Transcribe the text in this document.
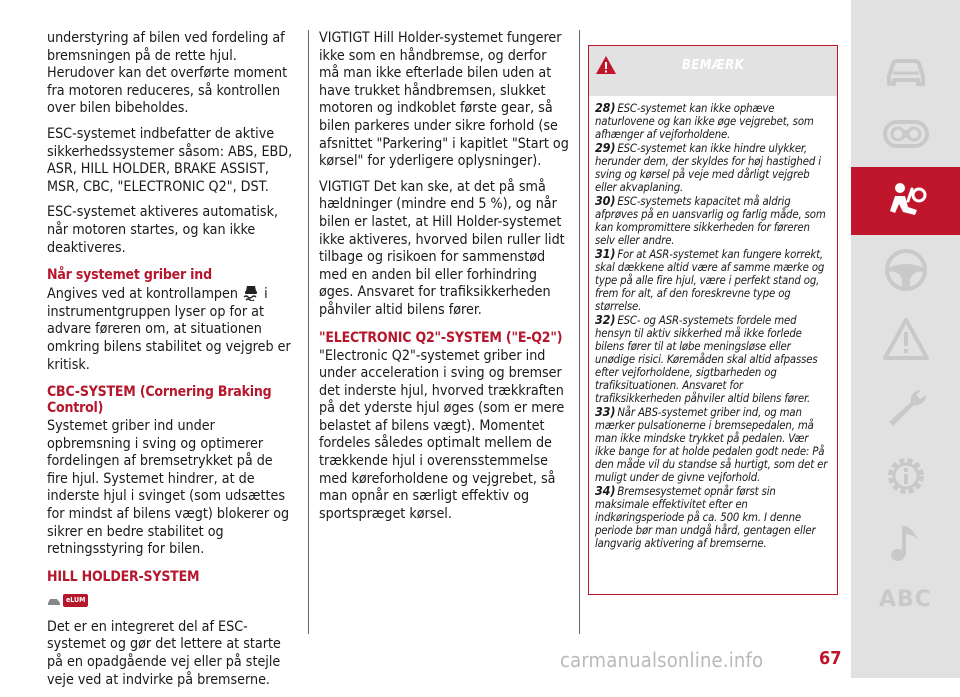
understyring af bilen ved fordeling af bremsningen på de rette hjul. Herudover kan det overførte moment fra motoren reduceres, så kontrollen over bilen bibeholdes.

ESC-systemet indbefatter de aktive sikkerhedssystemer såsom: ABS, EBD, ASR, HILL HOLDER, BRAKE ASSIST, MSR, CBC, "ELECTRONIC Q2", DST.

ESC-systemet aktiveres automatisk, når motoren startes, og kan ikke deaktiveres.

Når systemet griber ind

Angives ved at kontrollampen i instrumentgruppen lyser op for at advare føreren om, at situationen omkring bilens stabilitet og vejgreb er kritisk.

CBC-SYSTEM (Cornering Braking Control)

Systemet griber ind under opbremsning i sving og optimerer fordelingen af bremsetrykket på de fire hjul. Systemet hindrer, at de inderste hjul i svinget (som udsættes for mindst af bilens vægt) blokerer og sikrer en bedre stabilitet og retningsstyring for bilen.

HILL HOLDER-SYSTEM
eLUM

Det er en integreret del af ESC-systemet og gør det lettere at starte på en opadgående vej eller på stejle veje ved at indvirke på bremserne.

VIGTIGT Hill Holder-systemet fungerer ikke som en håndbremse, og derfor må man ikke efterlade bilen uden at have trukket håndbremsen, slukket motoren og indkoblet første gear, så bilen parkeres under sikre forhold (se afsnittet "Parkering" i kapitlet "Start og kørsel" for yderligere oplysninger).

VIGTIGT Det kan ske, at det på små hældninger (mindre end 5 %), og når bilen er lastet, at Hill Holder-systemet ikke aktiveres, hvorved bilen ruller lidt tilbage og risikoen for sammenstød med en anden bil eller forhindring øges. Ansvaret for trafiksikkerheden påhviler altid bilens fører.

"ELECTRONIC Q2"-SYSTEM ("E-Q2")

"Electronic Q2"-systemet griber ind under acceleration i sving og bremser det inderste hjul, hvorved trækkraften på det yderste hjul øges (som er mere belastet af bilens vægt). Momentet fordeles således optimalt mellem de trækkende hjul i overensstemmelse med køreforholdene og vejgrebet, så man opnår en særligt effektiv og sportspræget kørsel.

BEMÆRK

28) ESC-systemet kan ikke ophæve naturlovene og kan ikke øge vejgrebet, som afhænger af vejforholdene.

29) ESC-systemet kan ikke hindre ulykker, herunder dem, der skyldes for høj hastighed i sving og kørsel på veje med dårligt vejgreb eller akvaplaning.

30) ESC-systemets kapacitet må aldrig afprøves på en uansvarlig og farlig måde, som kan kompromittere sikkerheden for føreren selv eller andre.

31) For at ASR-systemet kan fungere korrekt, skal dækkene altid være af samme mærke og type på alle fire hjul, være i perfekt stand og, frem for alt, af den foreskrevne type og størrelse.

32) ESC- og ASR-systemets fordele med hensyn til aktiv sikkerhed må ikke forlede bilens fører til at løbe meningsløse eller unødige risici. Køremåden skal altid afpasses efter vejforholdene, sigtbarheden og trafiksituationen. Ansvaret for trafiksikkerheden påhviler altid bilens fører.

33) Når ABS-systemet griber ind, og man mærker pulsationerne i bremsepedalen, må man ikke mindske trykket på pedalen. Vær ikke bange for at holde pedalen godt nede: På den måde vil du standse så hurtigt, som det er muligt under de givne vejforhold.

34) Bremsesystemet opnår først sin maksimale effektivitet efter en indkøringsperiode på ca. 500 km. I denne periode bør man undgå hård, gentagen eller langvarig aktivering af bremserne.

ABC
carmanualsonline.info	67
